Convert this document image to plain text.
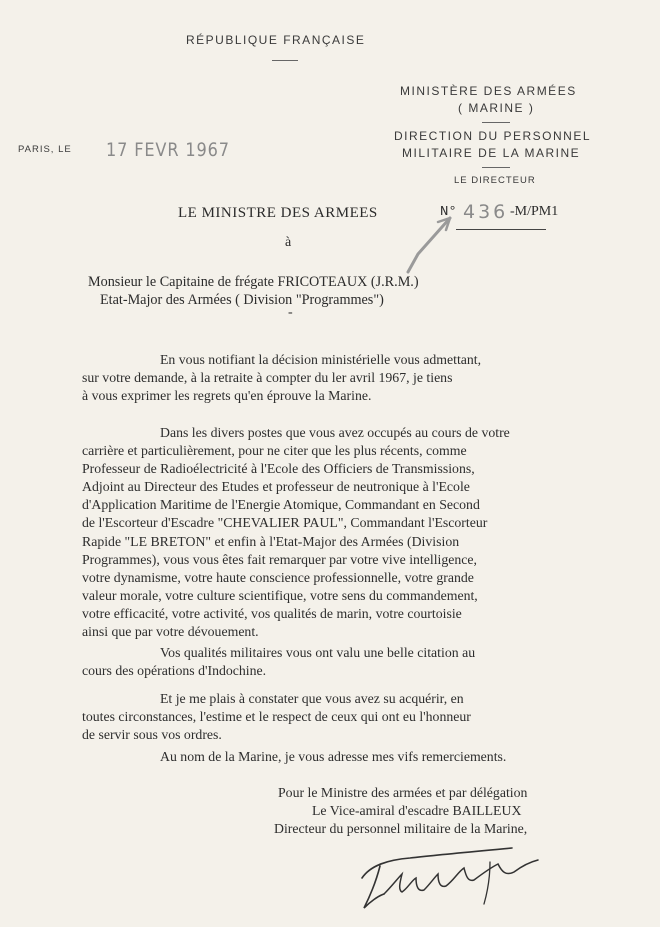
RÉPUBLIQUE FRANÇAISE
MINISTÈRE DES ARMÉES
( MARINE )
DIRECTION DU PERSONNEL
MILITAIRE DE LA MARINE
LE DIRECTEUR
PARIS, LE 17 FEVR 1967
LE MINISTRE DES ARMEES	N° 436 -M/PM1
à
Monsieur le Capitaine de frégate FRICOTEAUX (J.R.M.)
Etat-Major des Armées ( Division "Programmes")
-
En vous notifiant la décision ministérielle vous admettant,
sur votre demande, à la retraite à compter du ler avril 1967, je tiens
à vous exprimer les regrets qu'en éprouve la Marine.
Dans les divers postes que vous avez occupés au cours de votre
carrière et particulièrement, pour ne citer que les plus récents, comme
Professeur de Radioélectricité à l'Ecole des Officiers de Transmissions,
Adjoint au Directeur des Etudes et professeur de neutronique à l'Ecole
d'Application Maritime de l'Energie Atomique, Commandant en Second
de l'Escorteur d'Escadre "CHEVALIER PAUL", Commandant l'Escorteur
Rapide "LE BRETON" et enfin à l'Etat-Major des Armées (Division
Programmes), vous vous êtes fait remarquer par votre vive intelligence,
votre dynamisme, votre haute conscience professionnelle, votre grande
valeur morale, votre culture scientifique, votre sens du commandement,
votre efficacité, votre activité, vos qualités de marin, votre courtoisie
ainsi que par votre dévouement.
Vos qualités militaires vous ont valu une belle citation au
cours des opérations d'Indochine.
Et je me plais à constater que vous avez su acquérir, en
toutes circonstances, l'estime et le respect de ceux qui ont eu l'honneur
de servir sous vos ordres.
Au nom de la Marine, je vous adresse mes vifs remerciements.
Pour le Ministre des armées et par délégation
Le Vice-amiral d'escadre BAILLEUX
Directeur du personnel militaire de la Marine,
